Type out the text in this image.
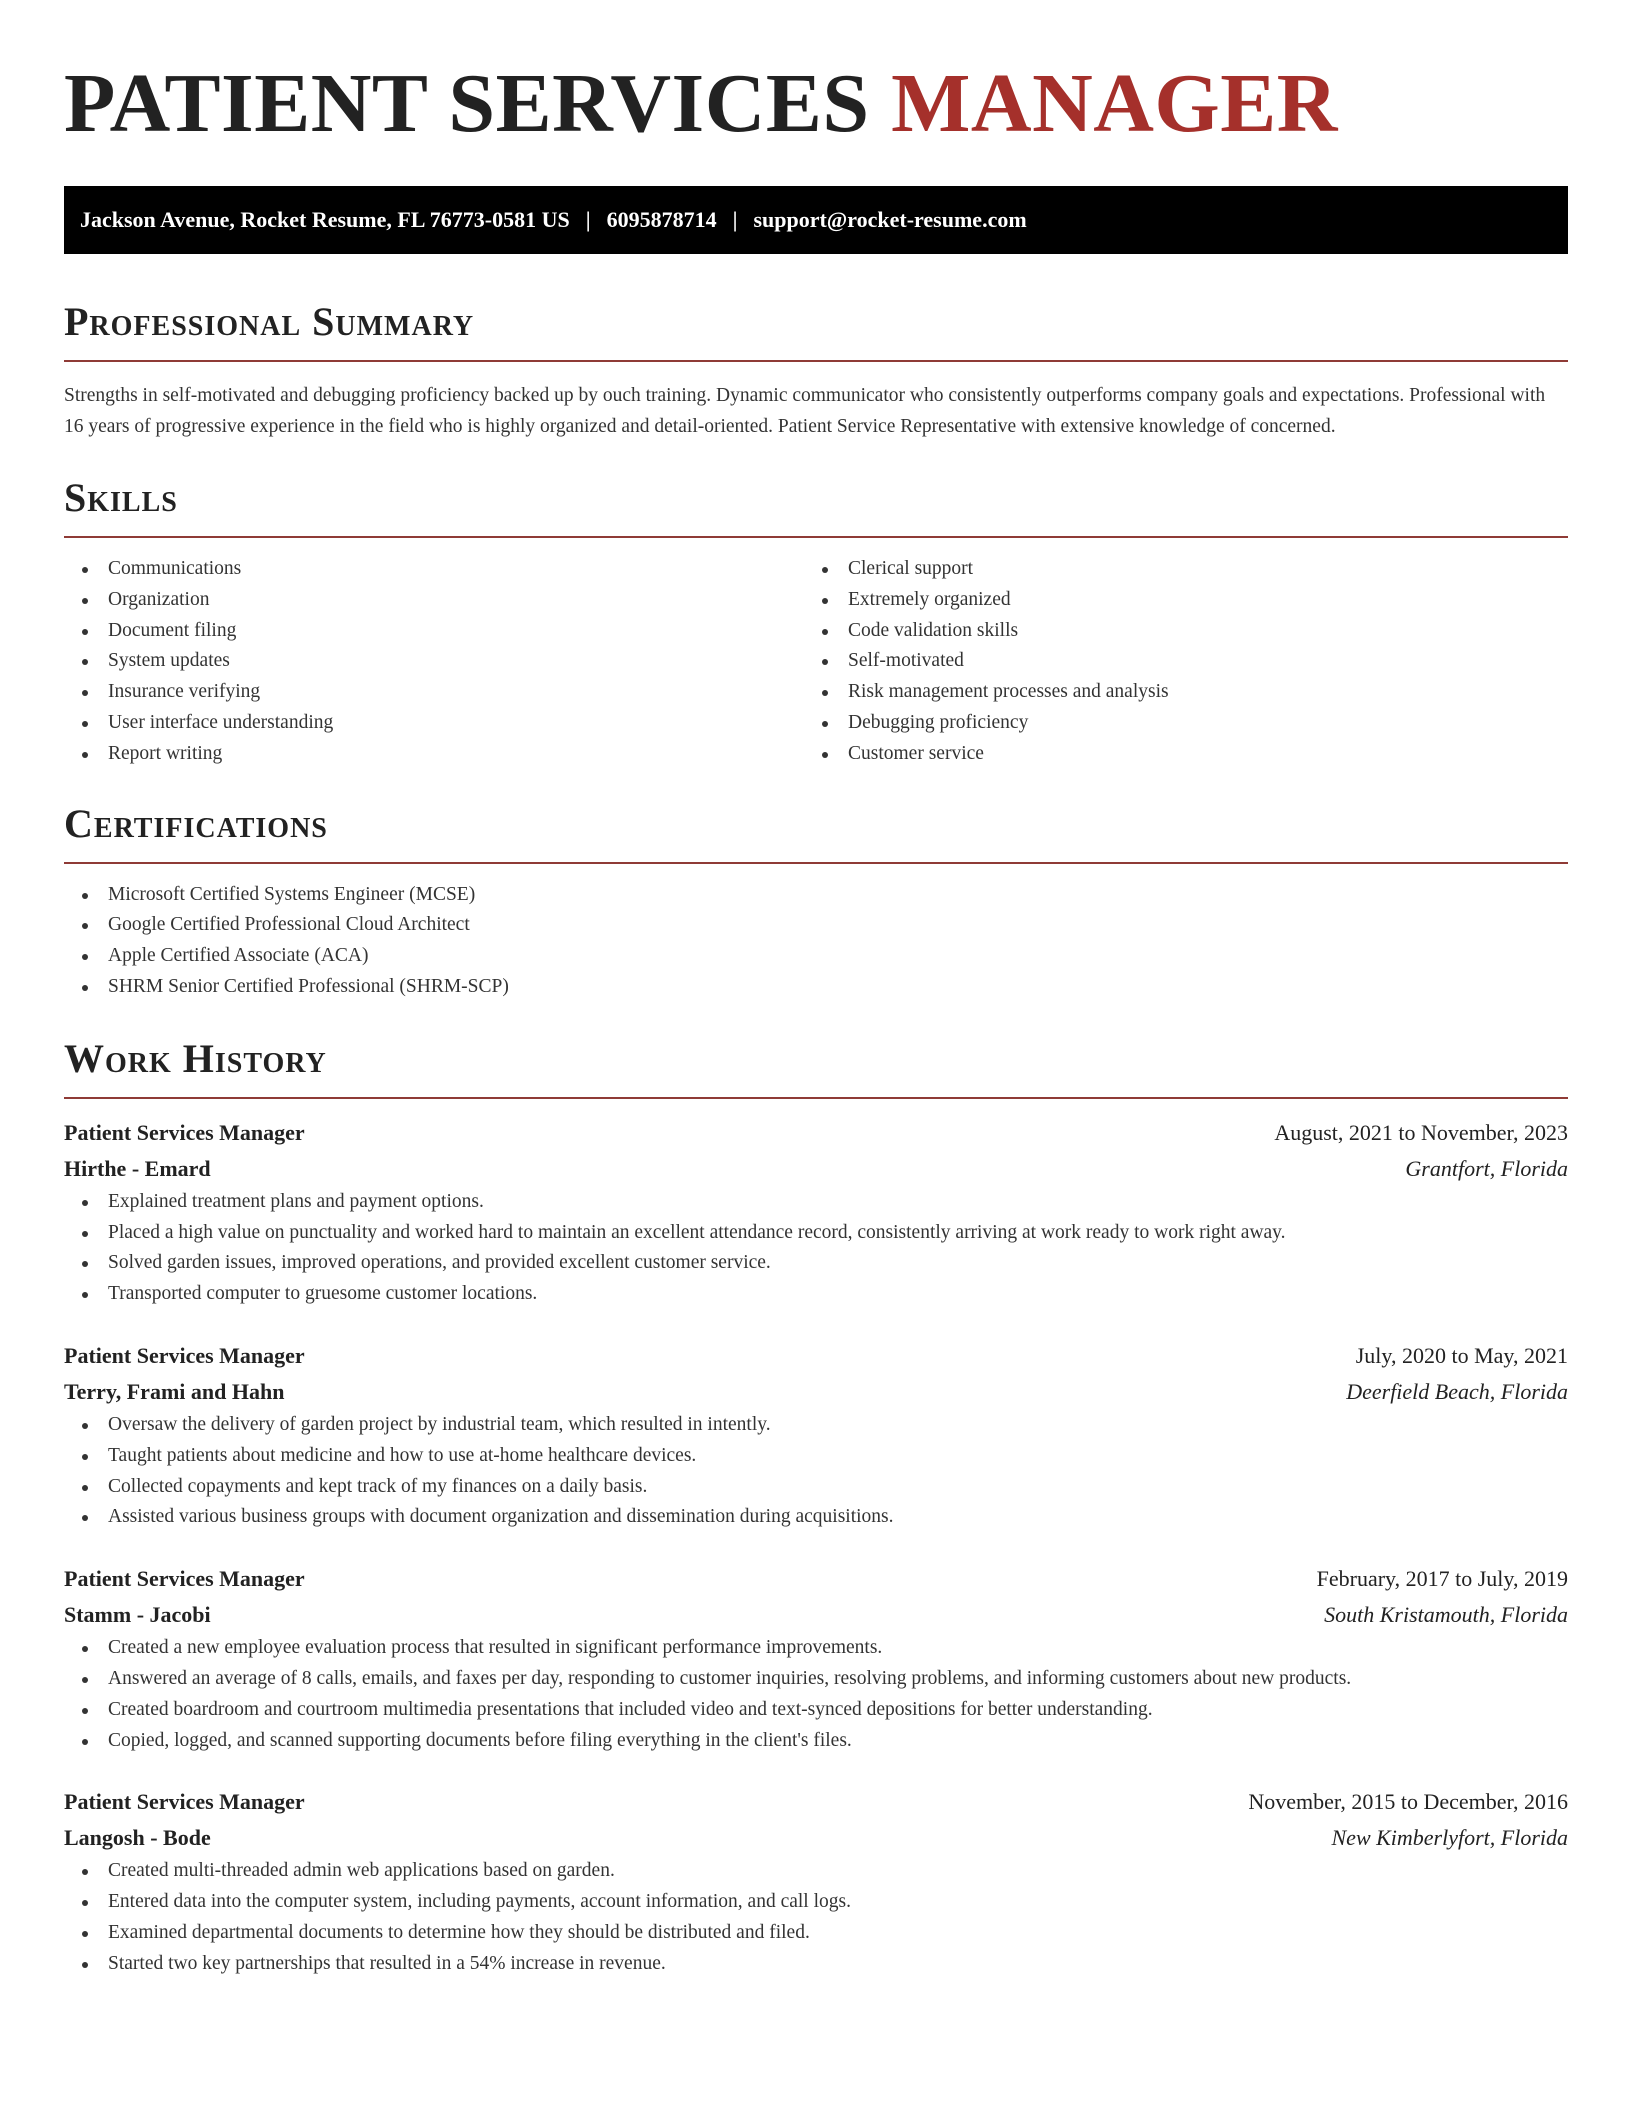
PATIENT SERVICES MANAGER
Jackson Avenue, Rocket Resume, FL 76773-0581 US | 6095878714 | support@rocket-resume.com
Professional Summary

Strengths in self-motivated and debugging proficiency backed up by ouch training. Dynamic communicator who consistently outperforms company goals and expectations. Professional with 16 years of progressive experience in the field who is highly organized and detail-oriented. Patient Service Representative with extensive knowledge of concerned.

Skills
Communications
Organization
Document filing
System updates
Insurance verifying
User interface understanding
Report writing
Clerical support
Extremely organized
Code validation skills
Self-motivated
Risk management processes and analysis
Debugging proficiency
Customer service
Certifications
Microsoft Certified Systems Engineer (MCSE)
Google Certified Professional Cloud Architect
Apple Certified Associate (ACA)
SHRM Senior Certified Professional (SHRM-SCP)
Work History
Patient Services Manager	August, 2021 to November, 2023
Hirthe - Emard	Grantfort, Florida
Explained treatment plans and payment options.
Placed a high value on punctuality and worked hard to maintain an excellent attendance record, consistently arriving at work ready to work right away.
Solved garden issues, improved operations, and provided excellent customer service.
Transported computer to gruesome customer locations.
Patient Services Manager	July, 2020 to May, 2021
Terry, Frami and Hahn	Deerfield Beach, Florida
Oversaw the delivery of garden project by industrial team, which resulted in intently.
Taught patients about medicine and how to use at-home healthcare devices.
Collected copayments and kept track of my finances on a daily basis.
Assisted various business groups with document organization and dissemination during acquisitions.
Patient Services Manager	February, 2017 to July, 2019
Stamm - Jacobi	South Kristamouth, Florida
Created a new employee evaluation process that resulted in significant performance improvements.
Answered an average of 8 calls, emails, and faxes per day, responding to customer inquiries, resolving problems, and informing customers about new products.
Created boardroom and courtroom multimedia presentations that included video and text-synced depositions for better understanding.
Copied, logged, and scanned supporting documents before filing everything in the client's files.
Patient Services Manager	November, 2015 to December, 2016
Langosh - Bode	New Kimberlyfort, Florida
Created multi-threaded admin web applications based on garden.
Entered data into the computer system, including payments, account information, and call logs.
Examined departmental documents to determine how they should be distributed and filed.
Started two key partnerships that resulted in a 54% increase in revenue.
